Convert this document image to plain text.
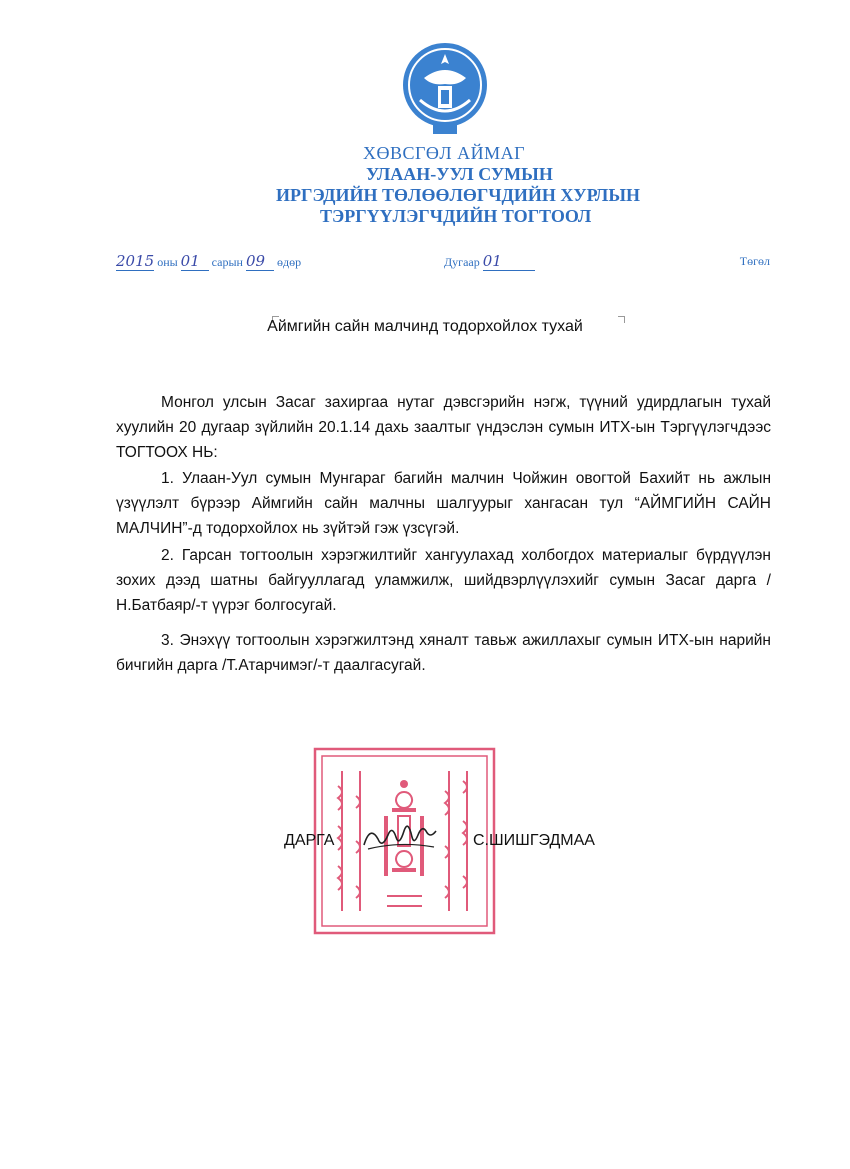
ХӨВСГӨЛ АЙМАГ
УЛААН-УУЛ СУМЫН
ИРГЭДИЙН ТӨЛӨӨЛӨГЧДИЙН ХУРЛЫН
ТЭРГҮҮЛЭГЧДИЙН ТОГТООЛ
2015 оны 01 сарын 09 өдөр	Дугаар 01	Төгөл
Аймгийн сайн малчинд тодорхойлох тухай
Монгол улсын Засаг захиргаа нутаг дэвсгэрийн нэгж, түүний удирдлагын тухай хуулийн 20 дугаар зүйлийн 20.1.14 дахь заалтыг үндэслэн сумын ИТХ-ын Тэргүүлэгчдээс ТОГТООХ НЬ:
1. Улаан-Уул сумын Мунгараг багийн малчин Чойжин овогтой Бахийт нь ажлын үзүүлэлт бүрээр Аймгийн сайн малчны шалгуурыг хангасан тул “АЙМГИЙН САЙН МАЛЧИН”-д тодорхойлох нь зүйтэй гэж үзсүгэй.
2. Гарсан тогтоолын хэрэгжилтийг хангуулахад холбогдох материалыг бүрдүүлэн зохих дээд шатны байгууллагад уламжилж, шийдвэрлүүлэхийг сумын Засаг дарга /Н.Батбаяр/-т үүрэг болгосугай.
3. Энэхүү тогтоолын хэрэгжилтэнд хяналт тавьж ажиллахыг сумын ИТХ-ын нарийн бичгийн дарга /Т.Атарчимэг/-т даалгасугай.
ДАРГА	С.ШИШГЭДМАА
